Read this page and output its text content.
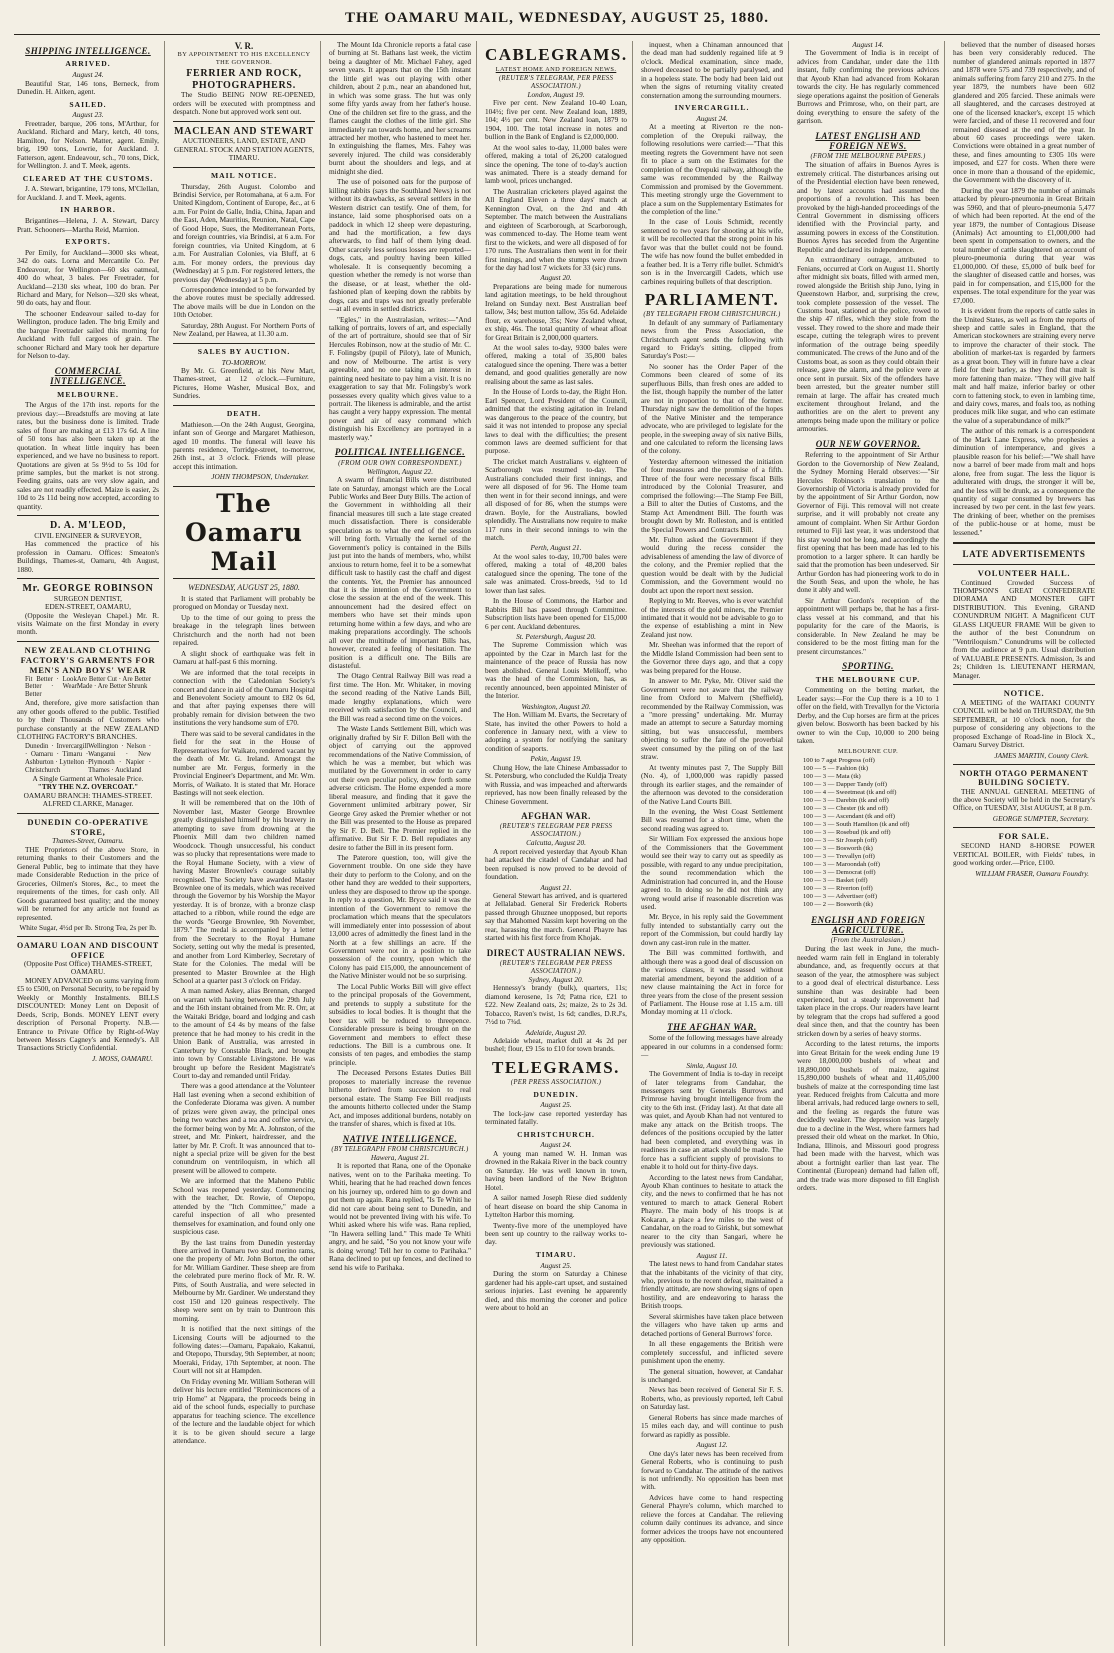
THE OAMARU MAIL, WEDNESDAY, AUGUST 25, 1880.
SHIPPING INTELLIGENCE.
ARRIVED.
August 24.

Beautiful Star, 146 tons, Berneck, from Dunedin. H. Aitken, agent.

SAILED.
August 23.

Freetrader, barque, 206 tons, M'Arthur, for Auckland. Richard and Mary, ketch, 40 tons, Hamilton, for Nelson. Matter, agent. Emily, brig, 190 tons, Lowrie, for Auckland. J. Fatterson, agent. Endeavour, sch., 70 tons, Dick, for Wellington. J. and T. Meek, agents.

CLEARED AT THE CUSTOMS.

J. A. Stewart, brigantine, 179 tons, M'Clellan, for Auckland. J. and T. Meek, agents.

IN HARBOR.

Brigantines—Helena, J. A. Stewart, Darcy Pratt. Schooners—Martha Reid, Marnion.

EXPORTS.

Per Emily, for Auckland—3000 sks wheat, 342 do oats. Lorna and Mercantile Co. Per Endeavour, for Wellington—60 sks oatmeal, 400 do wheat, 3 bales. Per Freetrader, for Auckland—2130 sks wheat, 100 do bran. Per Richard and Mary, for Nelson—320 sks wheat, 90 do oats, hay and flour.

The schooner Endeavour sailed to-day for Wellington, produce laden. The brig Emily and the barque Freetrader sailed this morning for Auckland with full cargoes of grain. The schooner Richard and Mary took her departure for Nelson to-day.

COMMERCIAL INTELLIGENCE.
MELBOURNE.

The Argus of the 17th inst. reports for the previous day:—Breadstuffs are moving at late rates, but the business done is limited. Trade sales of flour are making at £13 17s 6d. A line of 50 tons has also been taken up at the quotation. In wheat little inquiry has been experienced, and we have no business to report. Quotations are given at 5s 9½d to 5s 10d for prime samples, but the market is not strong. Feeding grains, oats are very slow again, and sales are not readily effected. Maize is easier, 2s 10d to 2s 11d being now accepted, according to quantity.

D. A. M'LEOD,
CIVIL ENGINEER & SURVEYOR,

Has commenced the practice of his profession in Oamaru. Offices: Smeaton's Buildings, Thames-st, Oamaru, 4th August, 1880.

Mr. GEORGE ROBINSON
SURGEON DENTIST,
EDEN-STREET, OAMARU,

(Opposite the Wesleyan Chapel.) Mr. R. visits Waimate on the first Monday in every month.

NEW ZEALAND CLOTHING FACTORY'S GARMENTS FOR MEN'S AND BOYS' WEAR
Fit Better · Look Better · Wear Better
Are Better Cut · Are Better Made · Are Better Shrunk

And, therefore, give more satisfaction than any other goods offered to the public. Testified to by their Thousands of Customers who purchase constantly at the NEW ZEALAND CLOTHING FACTORY'S BRANCHES.

Dunedin · Invercargill · Oamaru · Timaru · Ashburton · Lyttelton · Christchurch
Wellington · Nelson · Wanganui · New Plymouth · Napier · Thames · Auckland
A Single Garment at Wholesale Price.
"TRY THE N.Z. OVERCOAT."
OAMARU BRANCH: THAMES-STREET. ALFRED CLARKE, Manager.
DUNEDIN CO-OPERATIVE STORE,
Thames-Street, Oamaru.

THE Proprietors of the above Store, in returning thanks to their Customers and the General Public, beg to intimate that they have made Considerable Reduction in the price of Groceries, Oilmen's Stores, &c., to meet the requirements of the times, for cash only. All Goods guaranteed best quality; and the money will be returned for any article not found as represented.

White Sugar, 4½d per lb. Strong Tea, 2s per lb.
OAMARU LOAN AND DISCOUNT OFFICE
(Opposite Post Office) THAMES-STREET, OAMARU.

MONEY ADVANCED on sums varying from £5 to £500, on Personal Security, to be repaid by Weekly or Monthly Instalments. BILLS DISCOUNTED: Money Lent on Deposit of Deeds, Scrip, Bonds. MONEY LENT every description of Personal Property. N.B.—Entrance to Private Office by Right-of-Way between Messrs Cagney's and Kennedy's. All Transactions Strictly Confidential.

J. MOSS, OAMARU.
V. R.
BY APPOINTMENT TO HIS EXCELLENCY THE GOVERNOR.
FERRIER AND ROCK, PHOTOGRAPHERS.

The Studio BEING NOW RE-OPENED, orders will be executed with promptness and despatch. None but approved work sent out.

MACLEAN AND STEWART
AUCTIONEERS, LAND, ESTATE, AND GENERAL STOCK AND STATION AGENTS, TIMARU.
MAIL NOTICE.

Thursday, 26th August. Colombo and Brindisi Service, per Rotomahana, at 6 a.m. For United Kingdom, Continent of Europe, &c., at 6 a.m. For Point de Galle, India, China, Japan and the East, Aden, Mauritius, Reunion, Natal, Cape of Good Hope, Sues, the Mediterranean Ports, and foreign countries, via Brindisi, at 6 a.m. For foreign countries, via United Kingdom, at 6 a.m. For Australian Colonies, via Bluff, at 6 a.m. For money orders, the previous day (Wednesday) at 5 p.m. For registered letters, the previous day (Wednesday) at 5 p.m.

Correspondence intended to be forwarded by the above routes must be specially addressed. The above mails will be due in London on the 10th October.

Saturday, 28th August. For Northern Ports of New Zealand, per Hawea, at 11.30 a.m.

SALES BY AUCTION.
TO-MORROW.

By Mr. G. Greenfield, at his New Mart, Thames-street, at 12 o'clock.—Furniture, Pictures, Home Washer, Musical Box, and Sundries.

DEATH.

Mathieson.—On the 24th August, Georgina, infant son of George and Margaret Mathieson, aged 10 months. The funeral will leave his parents residence, Torridge-street, to-morrow, 26th inst., at 3 o'clock. Friends will please accept this intimation.

JOHN THOMPSON, Undertaker.
The Oamaru Mail
WEDNESDAY, AUGUST 25, 1880.

It is stated that Parliament will probably be prorogued on Monday or Tuesday next.

Up to the time of our going to press the breakage in the telegraph lines between Christchurch and the north had not been repaired.

A slight shock of earthquake was felt in Oamaru at half-past 6 this morning.

We are informed that the total receipts in connection with the Caledonian Society's concert and dance in aid of the Oamaru Hospital and Benevolent Society amount to £82 0s 6d, and that after paying expenses there will probably remain for division between the two institutions the very handsome sum of £70.

There was said to be several candidates in the field for the seat in the House of Representatives for Waikato, rendered vacant by the death of Mr. G. Ireland. Amongst the number are Mr. Fergus, formerly in the Provincial Engineer's Department, and Mr. Wm. Morris, of Waikato. It is stated that Mr. Horace Bastings will not seek election.

It will be remembered that on the 10th of November last, Master George Brownlee greatly distinguished himself by his bravery in attempting to save from drowning at the Phoenix Mill dam two children named Woodcock. Though unsuccessful, his conduct was so plucky that representations were made to the Royal Humane Society, with a view of having Master Brownlee's courage suitably recognised. The Society have awarded Master Brownlee one of its medals, which was received through the Governor by his Worship the Mayor yesterday. It is of bronze, with a bronze clasp attached to a ribbon, while round the edge are the words "George Brownlee, 9th November, 1879." The medal is accompanied by a letter from the Secretary to the Royal Humane Society, setting out why the medal is presented, and another from Lord Kimberley, Secretary of State for the Colonies. The medal will be presented to Master Brownlee at the High School at a quarter past 3 o'clock on Friday.

A man named Askey, alias Brennan, charged on warrant with having between the 29th July and the 16th instant obtained from Mr. R. Orr, at the Waitaki Bridge, board and lodging and cash to the amount of £4 4s by means of the false pretence that he had money to his credit in the Union Bank of Australia, was arrested in Canterbury by Constable Black, and brought into town by Constable Livingstone. He was brought up before the Resident Magistrate's Court to-day and remanded until Friday.

There was a good attendance at the Volunteer Hall last evening when a second exhibition of the Confederate Diorama was given. A number of prizes were given away, the principal ones being two watches and a tea and coffee service, the former being won by Mr. A. Johnston, of the street, and Mr. Pinkert, hairdresser, and the latter by Mr. P. Croft. It was announced that to-night a special prize will be given for the best conundrum on ventriloquism, in which all present will be allowed to compete.

We are informed that the Maheno Public School was reopened yesterday. Commencing with the teacher, Dr. Rowie, of Otepopo, attended by the "Itch Committee," made a careful inspection of all who presented themselves for examination, and found only one suspicious case.

By the last trains from Dunedin yesterday there arrived in Oamaru two stud merino rams, one the property of Mr. John Borton, the other for Mr. William Gardiner. These sheep are from the celebrated pure merino flock of Mr. R. W. Pitts, of South Australia, and were selected in Melbourne by Mr. Gardiner. We understand they cost 150 and 120 guineas respectively. The sheep were sent on by train to Duntroon this morning.

It is notified that the next sittings of the Licensing Courts will be adjourned to the following dates:—Oamaru, Papakaio, Kakanui, and Otepopo, Thursday, 9th September, at noon; Moeraki, Friday, 17th September, at noon. The Court will not sit at Hampden.

On Friday evening Mr. William Sotheran will deliver his lecture entitled "Reminiscences of a trip Home" at Ngapara, the proceeds being in aid of the school funds, especially to purchase apparatus for teaching science. The excellence of the lecture and the laudable object for which it is to be given should secure a large attendance.

The Mount Ida Chronicle reports a fatal case of burning at St. Bathans last week, the victim being a daughter of Mr. Michael Fahey, aged seven years. It appears that on the 15th instant the little girl was out playing with other children, about 2 p.m., near an abandoned hut, in which was some grass. The hut was only some fifty yards away from her father's house. One of the children set fire to the grass, and the flames caught the clothes of the little girl. She immediately ran towards home, and her screams attracted her mother, who hastened to meet her. In extinguishing the flames, Mrs. Fahey was severely injured. The child was considerably burnt about the shoulders and legs, and at midnight she died.

The use of poisoned oats for the purpose of killing rabbits (says the Southland News) is not without its drawbacks, as several settlers in the Western district can testify. One of them, for instance, laid some phosphorised oats on a paddock in which 12 sheep were depasturing, and had the mortification, a few days afterwards, to find half of them lying dead. Other scarcely less serious losses are reported—dogs, cats, and poultry having been killed wholesale. It is consequently becoming a question whether the remedy is not worse than the disease, or at least, whether the old-fashioned plan of keeping down the rabbits by dogs, cats and traps was not greatly preferable—at all events in settled districts.

"Egles," in the Australasian, writes:—"And talking of portraits, lovers of art, and especially of the art of portraiture, should see that of Sir Hercules Robinson, now at the studio of Mr. C. F. Folingsby (pupil of Piloty), late of Munich, and now of Melbourne. The artist is very agreeable, and no one taking an interest in painting need hesitate to pay him a visit. It is no exaggeration to say that Mr. Folingsby's work possesses every quality which gives value to a portrait. The likeness is admirable, and the artist has caught a very happy expression. The mental power and air of easy command which distinguish his Excellency are portrayed in a masterly way."

POLITICAL INTELLIGENCE.
(FROM OUR OWN CORRESPONDENT.)
Wellington, August 22.

A swarm of financial Bills were distributed late on Saturday, amongst which are the Local Public Works and Beer Duty Bills. The action of the Government in withholding all their financial measures till such a late stage created much dissatisfaction. There is considerable speculation as to what the end of the session will bring forth. Virtually the kernel of the Government's policy is contained in the Bills just put into the hands of members, who, whilst anxious to return home, feel it to be a somewhat difficult task to hastily cast the chaff and digest the contents. Yet, the Premier has announced that it is the intention of the Government to close the session at the end of the week. This announcement had the desired effect on members who have set their minds upon returning home within a few days, and who are making preparations accordingly. The schools all over the multitude of important Bills has, however, created a feeling of hesitation. The position is a difficult one. The Bills are distasteful.

The Otago Central Railway Bill was read a first time. The Hon. Mr. Whitaker, in moving the second reading of the Native Lands Bill, made lengthy explanations, which were received with satisfaction by the Council, and the Bill was read a second time on the voices.

The Waste Lands Settlement Bill, which was originally drafted by Sir F. Dillon Bell with the object of carrying out the approved recommendations of the Native Commission, of which he was a member, but which was mutilated by the Government in order to carry out their own peculiar policy, drew forth some adverse criticism. The Home expended a more liberal measure, and finding that it gave the Government unlimited arbitrary power, Sir George Grey asked the Premier whether or not the Bill was presented to the House as prepared by Sir F. D. Bell. The Premier replied in the affirmative. But Sir F. D. Bell repudiates any desire to father the Bill in its present form.

The Paterore question, too, will give the Government trouble. On one side they have their duty to perform to the Colony, and on the other hand they are wedded to their supporters, unless they are disposed to throw up the sponge. In reply to a question, Mr. Bryce said it was the intention of the Government to remove the proclamation which means that the speculators will immediately enter into possession of about 13,000 acres of admittedly the finest land in the North at a few shillings an acre. If the Government were not in a position to take possession of the country, upon which the Colony has paid £15,000, the announcement of the Native Minister would not be so surprising.

The Local Public Works Bill will give effect to the principal proposals of the Government, and pretends to supply a substitute for the subsidies to local bodies. It is thought that the beer tax will be reduced to threepence. Considerable pressure is being brought on the Government and members to effect these reductions. The Bill is a cumbrous one. It consists of ten pages, and embodies the stamp principle.

The Deceased Persons Estates Duties Bill proposes to materially increase the revenue hitherto derived from succession to real personal estate. The Stamp Fee Bill readjusts the amounts hitherto collected under the Stamp Act, and imposes additional burdens, notably on the transfer of shares, which is fixed at 10s.

NATIVE INTELLIGENCE.
(BY TELEGRAPH FROM CHRISTCHURCH.)
Hawera, August 21.

It is reported that Rana, one of the Oponake natives, went on to the Parihaka meeting. To Whiti, hearing that he had reached down fences on his journey up, ordered him to go down and put them up again. Rana replied, "Is Te Whiti he did not care about being sent to Dunedin, and would not be prevented living with his wife. To Whiti asked where his wife was. Rana replied, "In Hawera selling land." This made Te Whiti angry, and he said, "So you not know your wife is doing wrong! Tell her to come to Parihaka." Rana declined to put up fences, and declined to send his wife to Parihaka.

CABLEGRAMS.
LATEST HOME AND FOREIGN NEWS.
(REUTER'S TELEGRAM, PER PRESS ASSOCIATION.)
London, August 19.

Five per cent. New Zealand 10-40 Loan, 104½; five per cent. New Zealand loan, 1889, 104; 4½ per cent. New Zealand loan, 1879 to 1904, 100. The total increase in notes and bullion in the Bank of England is £2,000,000.

At the wool sales to-day, 11,000 bales were offered, making a total of 26,200 catalogued since the opening. The tone of to-day's auction was animated. There is a steady demand for lamb wool, prices unchanged.

The Australian cricketers played against the All England Eleven a three days' match at Kennington Oval, on the 2nd and 4th September. The match between the Australians and eighteen of Scarborough, at Scarborough, was commenced to-day. The Home team went first to the wickets, and were all disposed of for 170 runs. The Australians then went in for their first innings, and when the stumps were drawn for the day had lost 7 wickets for 33 (sic) runs.

August 20.

Preparations are being made for numerous land agitation meetings, to be held throughout Ireland on Sunday next. Best Australian beef tallow, 34s; best mutton tallow, 35s 6d. Adelaide flour, ex warehouse, 35s; New Zealand wheat, ex ship, 46s. The total quantity of wheat afloat for Great Britain is 2,000,000 quarters.

At the wool sales to-day, 9300 bales were offered, making a total of 35,800 bales catalogued since the opening. There was a better demand, and good qualities generally are now realising about the same as last sales.

In the House of Lords to-day, the Right Hon. Earl Spencer, Lord President of the Council, admitted that the existing agitation in Ireland was dangerous to the peace of the country, but said it was not intended to propose any special laws to deal with the difficulties; the present common laws are deemed sufficient for that purpose.

The cricket match Australians v. eighteen of Scarborough was resumed to-day. The Australians concluded their first innings, and were all disposed of for 96. The Home team then went in for their second innings, and were all disposed of for 86, when the stumps were drawn. Boyle, for the Australians, bowled splendidly. The Australians now require to make 117 runs in their second innings to win the match.

Perth, August 21.

At the wool sales to-day, 10,700 bales were offered, making a total of 48,200 bales catalogued since the opening. The tone of the sale was animated. Cross-breeds, ½d to 1d lower than last sales.

In the House of Commons, the Harbor and Rabbits Bill has passed through Committee. Subscription lists have been opened for £15,000 6 per cent. Auckland debentures.

St. Petersburgh, August 20.

The Supreme Commission which was appointed by the Czar in March last for the maintenance of the peace of Russia has now been abolished. General Louis Melikoff, who was the head of the Commission, has, as recently announced, been appointed Minister of the Interior.

Washington, August 20.

The Hon. William M. Evarts, the Secretary of State, has invited the other Powers to hold a conference in January next, with a view to adopting a system for notifying the sanitary condition of seaports.

Pekin, August 19.

Chung How, the late Chinese Ambassador to St. Petersburg, who concluded the Kuldja Treaty with Russia, and was impeached and afterwards reprieved, has now been finally released by the Chinese Government.

AFGHAN WAR.
(REUTER'S TELEGRAM PER PRESS ASSOCIATION.)
Calcutta, August 20.

A report received yesterday that Ayoub Khan had attacked the citadel of Candahar and had been repulsed is now proved to be devoid of foundation.

August 21.

General Stewart has arrived, and is quartered at Jellalabad. General Sir Frederick Roberts passed through Ghuznee unopposed, but reports say that Mahomed Nassim kept hovering on the rear, harassing the march. General Phayre has started with his first force from Khojak.

DIRECT AUSTRALIAN NEWS.
(REUTER'S TELEGRAM PER PRESS ASSOCIATION.)
Sydney, August 20.

Hennessy's brandy (bulk), quarters, 11s; diamond kerosene, 1s 7d; Patna rice, £21 to £22. New Zealand oats, 2s; maize, 2s to 2s 3d. Tobacco, Raven's twist, 1s 6d; candles, D.R.J's, 7½d to 7¾d.

Adelaide, August 20.

Adelaide wheat, market dull at 4s 2d per bushel; flour, £9 15s to £10 for town brands.

TELEGRAMS.
(PER PRESS ASSOCIATION.)
DUNEDIN.
August 25.

The lock-jaw case reported yesterday has terminated fatally.

CHRISTCHURCH.
August 24.

A young man named W. H. Inman was drowned in the Rakaia River in the back country on Saturday. He was well known in town, having been landlord of the New Brighton Hotel.

A sailor named Joseph Riese died suddenly of heart disease on board the ship Canoma in Lyttelton Harbor this morning.

Twenty-five more of the unemployed have been sent up country to the railway works to-day.

TIMARU.
August 25.

During the storm on Saturday a Chinese gardener had his apple-cart upset, and sustained serious injuries. Last evening he apparently died, and this morning the coroner and police were about to hold an

inquest, when a Chinaman announced that the dead man had suddenly regained life at 9 o'clock. Medical examination, since made, showed deceased to be partially paralysed, and in a hopeless state. The body had been laid out when the signs of returning vitality created consternation among the surrounding mourners.

INVERCARGILL.
August 24.

At a meeting at Riverton re the non-completion of the Orepuki railway, the following resolutions were carried:—"That this meeting regrets the Government have not seen fit to place a sum on the Estimates for the completion of the Orepuki railway, although the same was recommended by the Railway Commission and promised by the Government. This meeting strongly urge the Government to place a sum on the Supplementary Estimates for the completion of the line."

In the case of Louis Schmidt, recently sentenced to two years for shooting at his wife, it will be recollected that the strong point in his favor was that the bullet could not be found. The wife has now found the bullet embedded in a feather bed. It is a Terry rifle bullet. Schmidt's son is in the Invercargill Cadets, which use carbines requiring bullets of that description.

PARLIAMENT.
(BY TELEGRAPH FROM CHRISTCHURCH.)

In default of any summary of Parliamentary news from the Press Association, the Christchurch agent sends the following with regard to Friday's sitting, clipped from Saturday's Post:—

No sooner has the Order Paper of the Commons been cleared of some of its superfluous Bills, than fresh ones are added to the list, though happily the number of the latter are not in proportion to that of the former. Thursday night saw the demolition of the hopes of the Native Minister and the temperance advocate, who are privileged to legislate for the people, in the sweeping away of six native Bills, and one calculated to reform the licensing laws of the colony.

Yesterday afternoon witnessed the initiation of four measures and the promise of a fifth. Three of the four were necessary fiscal Bills introduced by the Colonial Treasurer, and comprised the following:—The Stamp Fee Bill, a Bill to alter the Duties of Customs, and the Stamp Act Amendment Bill. The fourth was brought down by Mr. Rolleston, and is entitled the Special Powers and Contracts Bill.

Mr. Fulton asked the Government if they would during the recess consider the advisableness of amending the law of divorce of the colony, and the Premier replied that the question would be dealt with by the Judicial Commission, and the Government would no doubt act upon the report next session.

Replying to Mr. Reeves, who is ever watchful of the interests of the gold miners, the Premier intimated that it would not be advisable to go to the expense of establishing a mint in New Zealand just now.

Mr. Sheehan was informed that the report of the Middle Island Commission had been sent to the Governor three days ago, and that a copy was being prepared for the House.

In answer to Mr. Pyke, Mr. Oliver said the Government were not aware that the railway line from Oxford to Malvern (Sheffield), recommended by the Railway Commission, was a "more pressing" undertaking. Mr. Murray made an attempt to secure a Saturday morning sitting, but was unsuccessful, members objecting to suffer the fate of the proverbial sweet consumed by the piling on of the last straw.

At twenty minutes past 7, The Supply Bill (No. 4), of 1,000,000 was rapidly passed through its earlier stages, and the remainder of the afternoon was devoted to the consideration of the Native Land Courts Bill.

In the evening, the West Coast Settlement Bill was resumed for a short time, when the second reading was agreed to.

Sir William Fox expressed the anxious hope of the Commissioners that the Government would see their way to carry out as speedily as possible, with regard to any undue precipitation, the sound recommendation which the Administration had concurred in, and the House agreed to. In doing so he did not think any wrong would arise if reasonable discretion was used.

Mr. Bryce, in his reply said the Government fully intended to substantially carry out the report of the Commission, but could hardly lay down any cast-iron rule in the matter.

The Bill was committed forthwith, and although there was a good deal of discussion on the various clauses, it was passed without material amendment, beyond the addition of a new clause maintaining the Act in force for three years from the close of the present session of Parliament. The House rose at 1.15 a.m. till Monday morning at 11 o'clock.

THE AFGHAN WAR.

Some of the following messages have already appeared in our columns in a condensed form:—

Simla, August 10.

The Government of India is to-day in receipt of later telegrams from Candahar, the messengers sent by Generals Burrows and Primrose having brought intelligence from the city to the 6th inst. (Friday last). At that date all was quiet, and Ayoub Khan had not ventured to make any attack on the British troops. The defences of the positions occupied by the latter had been completed, and everything was in readiness in case an attack should be made. The force has a sufficient supply of provisions to enable it to hold out for thirty-five days.

According to the latest news from Candahar, Ayoub Khan continues to hesitate to attack the city, and the news to confirmed that he has not ventured to march to attack General Robert Phayre. The main body of his troops is at Kokaran, a place a few miles to the west of Candahar, on the road to Girishk, but somewhat nearer to the city than Sangari, where he previously was stationed.

August 11.

The latest news to hand from Candahar states that the inhabitants of the vicinity of that city, who, previous to the recent defeat, maintained a friendly attitude, are now showing signs of open hostility, and are endeavoring to harass the British troops.

Several skirmishes have taken place between the villagers who have taken up arms and detached portions of General Burrows' force.

In all these engagements the British were completely successful, and inflicted severe punishment upon the enemy.

The general situation, however, at Candahar is unchanged.

News has been received of General Sir F. S. Roberts, who, as previously reported, left Cabul on Saturday last.

General Roberts has since made marches of 15 miles each day, and will continue to push forward as rapidly as possible.

August 12.

One day's later news has been received from General Roberts, who is continuing to push forward to Candahar. The attitude of the natives is not unfriendly. No opposition has been met with.

Advices have come to hand respecting General Phayre's column, which marched to relieve the forces at Candahar. The relieving column daily continues its advance, and since former advices the troops have not encountered any opposition.

August 14.

The Government of India is in receipt of advices from Candahar, under date the 11th instant, fully confirming the previous advices that Ayoub Khan had advanced from Kokaran towards the city. He has regularly commenced siege operations against the position of Generals Burrows and Primrose, who, on their part, are doing everything to ensure the safety of the garrison.

LATEST ENGLISH AND FOREIGN NEWS.
(FROM THE MELBOURNE PAPERS.)

The situation of affairs in Buenos Ayres is extremely critical. The disturbances arising out of the Presidential election have been renewed, and by latest accounts had assumed the proportions of a revolution. This has been provoked by the high-handed proceedings of the Central Government in dismissing officers identified with the Provincial party, and assuming powers in excess of the Constitution. Buenos Ayres has seceded from the Argentine Republic and declared its independence.

An extraordinary outrage, attributed to Fenians, occurred at Cork on August 11. Shortly after midnight six boats, filled with armed men, rowed alongside the British ship Juno, lying in Queenstown Harbor, and, surprising the crew, took complete possession of the vessel. The Customs boat, stationed at the police, rowed to the ship 47 rifles, which they stole from the vessel. They rowed to the shore and made their escape, cutting the telegraph wires to prevent information of the outrage being speedily communicated. The crews of the Juno and of the Customs boat, as soon as they could obtain their release, gave the alarm, and the police were at once sent in pursuit. Six of the offenders have been arrested, but the greater number still remain at large. The affair has created much excitement throughout Ireland, and the authorities are on the alert to prevent any attempts being made upon the military or police armouries.

OUR NEW GOVERNOR.

Referring to the appointment of Sir Arthur Gordon to the Governorship of New Zealand, the Sydney Morning Herald observes:—"Sir Hercules Robinson's translation to the Governorship of Victoria is already provided for by the appointment of Sir Arthur Gordon, now Governor of Fiji. This removal will not create surprise, and it will probably not create any amount of complaint. When Sir Arthur Gordon returned to Fiji last year, it was understood that his stay would not be long, and accordingly the first opening that has been made has led to his promotion to a larger sphere. It can hardly be said that the promotion has been undeserved. Sir Arthur Gordon has had pioneering work to do in the South Seas, and upon the whole, he has done it ably and well.

Sir Arthur Gordon's reception of the appointment will perhaps be, that he has a first-class vessel at his command, and that his popularity for the care of the Maoris, is considerable. In New Zealand he may be considered to be the most fitting man for the present circumstances."

SPORTING.
THE MELBOURNE CUP.

Commenting on the betting market, the Leader says:—For the Cup there is a 10 to 1 offer on the field, with Trevallyn for the Victoria Derby, and the Cup horses are firm at the prices given below. Bosworth has been backed by his owner to win the Cup, 10,000 to 200 being taken.

MELBOURNE CUP.
100 to 7 agst Progress (off)
100 — 5 — Fashion (tk)
100 — 3 — Mata (tk)
100 — 3 — Dapper Tandy (off)
100 — 4 — Sweetmeat (tk and off)
100 — 3 — Darebin (tk and off)
100 — 3 — Chester (tk and off)
100 — 3 — Ascendant (tk and off)
100 — 3 — South Hamilton (tk and off)
100 — 3 — Rosebud (tk and off)
100 — 3 — Sir Joseph (off)
100 — 3 — Bosworth (tk)
100 — 3 — Trevallyn (off)
100 — 3 — Maroondah (off)
100 — 3 — Democrat (off)
100 — 3 — Basket (off)
100 — 3 — Riverton (off)
100 — 3 — Advertiser (off)
100 — 2 — Bosworth (tk)
ENGLISH AND FOREIGN AGRICULTURE.
(From the Australasian.)

During the last week in June, the much-needed warm rain fell in England in tolerably abundance, and, as frequently occurs at that season of the year, the atmosphere was subject to a good deal of electrical disturbance. Less sunshine than was desirable had been experienced, but a steady improvement had taken place in the crops. Our readers have learnt by telegram that the crops had suffered a good deal since then, and that the country has been stricken down by a series of heavy storms.

According to the latest returns, the imports into Great Britain for the week ending June 19 were 18,000,000 bushels of wheat and 18,890,000 bushels of maize, against 15,890,000 bushels of wheat and 11,405,000 bushels of maize at the corresponding time last year. Reduced freights from Calcutta and more liberal arrivals, had reduced large owners to sell, and the feeling as regards the future was decidedly weaker. The depression was largely due to a decline in the West, where farmers had pressed their old wheat on the market. In Ohio, Indiana, Illinois, and Missouri good progress had been made with the harvest, which was about a fortnight earlier than last year. The Continental (European) demand had fallen off, and the trade was more disposed to fill English orders.

believed that the number of diseased horses has been very considerably reduced. The number of glandered animals reported in 1877 and 1878 were 575 and 739 respectively, and of animals suffering from farcy 210 and 275. In the year 1879, the numbers have been 602 glandered and 205 farcied. These animals were all slaughtered, and the carcases destroyed at one of the licensed knacker's, except 15 which were farcied, and of these 11 recovered and four remained diseased at the end of the year. In about 60 cases proceedings were taken. Convictions were obtained in a great number of these, and fines amounting to £305 10s were imposed, and £27 for costs. When there were once in more than a thousand of the epidemic, the Government with the discovery of it.

During the year 1879 the number of animals attacked by pleuro-pneumonia in Great Britain was 5960, and that of pleuro-pneumonia 5,477 of which had been reported. At the end of the year 1879, the number of Contagious Disease (Animals) Act amounting to £1,000,000 had been spent in compensation to owners, and the total number of cattle slaughtered on account of pleuro-pneumonia during that year was £1,000,000. Of these, £5,000 of bulk beef for the slaughter of diseased cattle and horses, was paid in for compensation, and £15,000 for the expenses. The total expenditure for the year was £7,000.

It is evident from the reports of cattle sales in the United States, as well as from the reports of sheep and cattle sales in England, that the American stockowners are straining every nerve to improve the character of their stock. The abolition of market-tax is regarded by farmers as a great boon. They will in future have a clear field for their barley, as they find that malt is more fattening than maize. "They will give half malt and half maize, inferior barley or other corn to fattening stock, to even in lambing time, and dairy cows, mares, and foals too, as nothing produces milk like sugar, and who can estimate the value of a superabundance of milk?"

The author of this remark is a correspondent of the Mark Lane Express, who prophesies a diminution of intemperance, and gives a plausible reason for his belief:—"We shall have now a barrel of beer made from malt and hops alone, free from sugar. The less the liquor is adulterated with drugs, the stronger it will be, and the less will be drunk, as a consequence the quantity of sugar consumed by brewers has increased by two per cent. in the last few years. The drinking of beer, whether on the premises of the public-house or at home, must be lessened."

LATE ADVERTISEMENTS
VOLUNTEER HALL.

Continued Crowded Success of THOMPSON'S GREAT CONFEDERATE DIORAMA AND MONSTER GIFT DISTRIBUTION. This Evening, GRAND CONUNDRUM NIGHT. A Magnificent CUT GLASS LIQUEUR FRAME Will be given to the author of the best Conundrum on "Ventriloquism." Conundrums will be collected from the audience at 9 p.m. Usual distribution of VALUABLE PRESENTS. Admission, 3s and 2s; Children 1s. LIEUTENANT HERMAN, Manager.

NOTICE.

A MEETING of the WAITAKI COUNTY COUNCIL will be held on THURSDAY, the 9th SEPTEMBER, at 10 o'clock noon, for the purpose of considering any objections to the proposed Exchange of Road-line in Block X., Oamaru Survey District.

JAMES MARTIN, County Clerk.
NORTH OTAGO PERMANENT BUILDING SOCIETY.

THE ANNUAL GENERAL MEETING of the above Society will be held in the Secretary's Office, on TUESDAY, 31st AUGUST, at 8 p.m.

GEORGE SUMPTER, Secretary.
FOR SALE.

SECOND HAND 8-HORSE POWER VERTICAL BOILER, with Fields' tubes, in good working order.—Price, £100.

WILLIAM FRASER, Oamaru Foundry.
